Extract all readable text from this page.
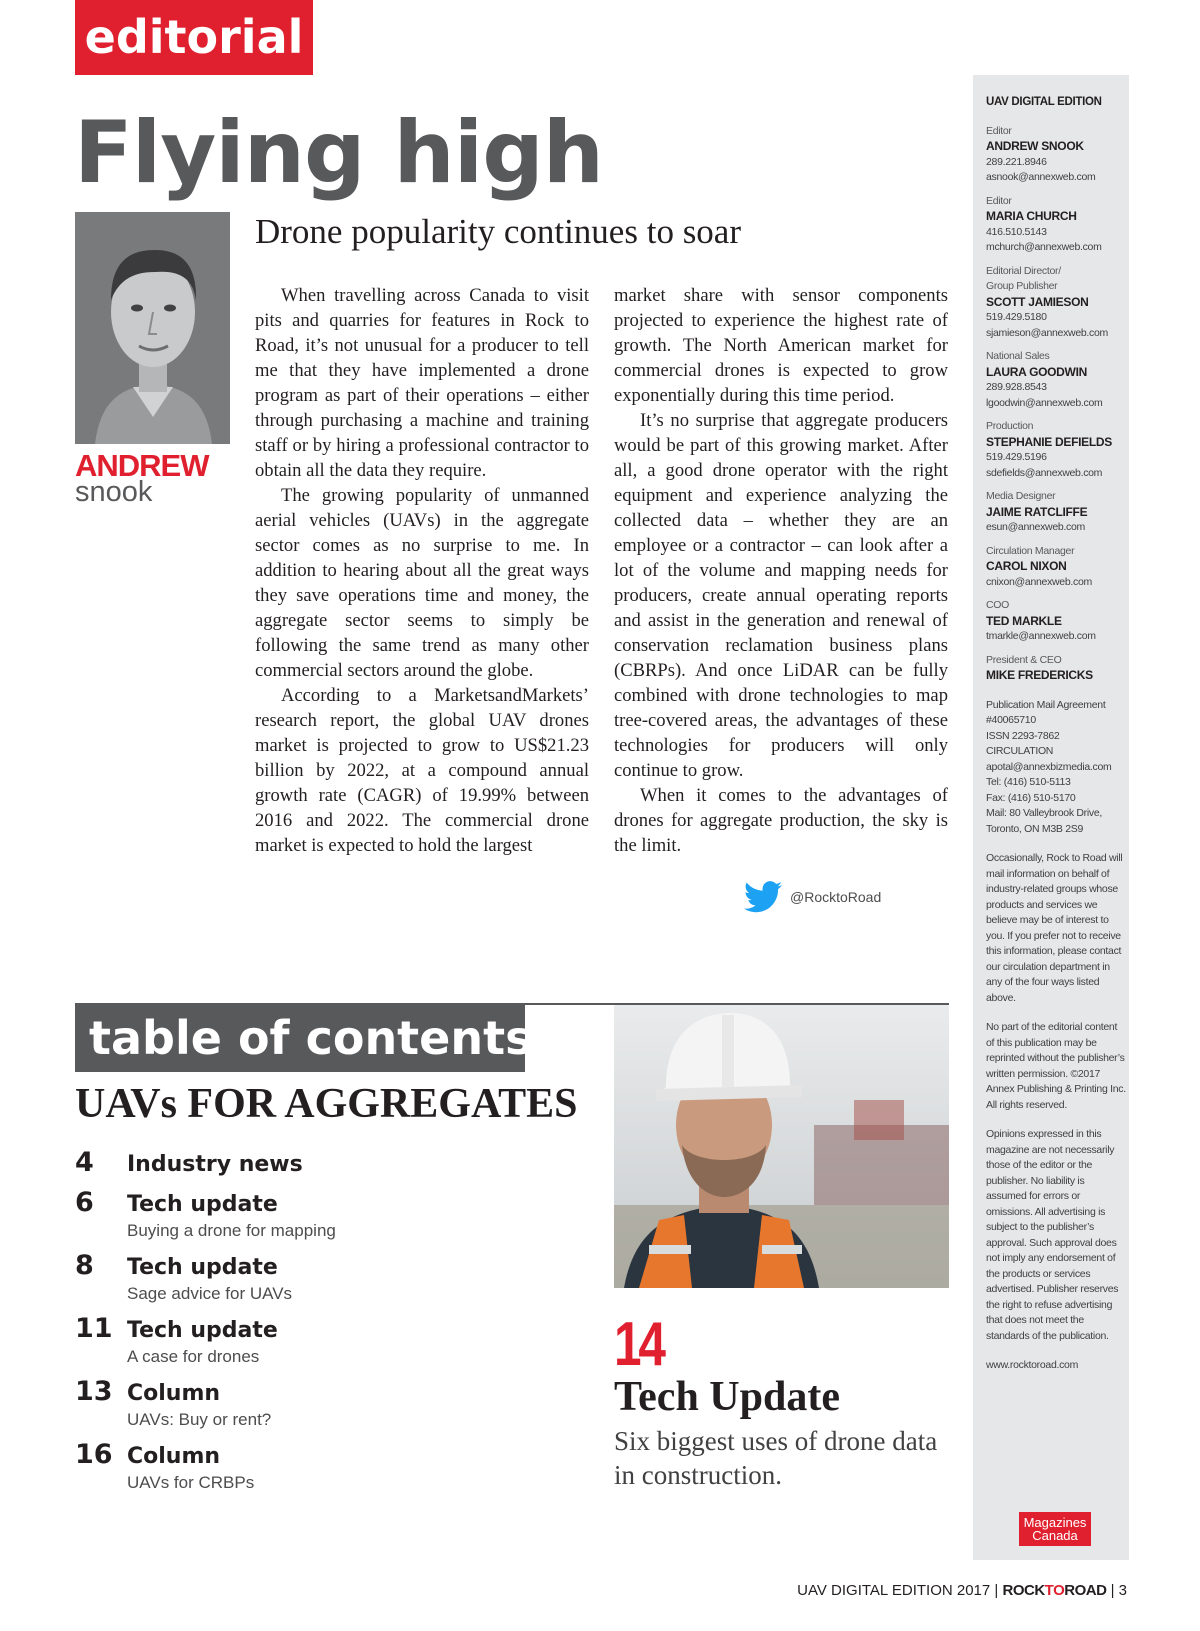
editorial
Flying high
Drone popularity continues to soar
ANDREW
snook

When travelling across Canada to visit pits and quarries for features in Rock to Road, it’s not unusual for a producer to tell me that they have implemented a drone program as part of their operations – either through purchasing a machine and training staff or by hiring a professional contractor to obtain all the data they require.

The growing popularity of unmanned aerial vehicles (UAVs) in the aggregate sector comes as no surprise to me. In addition to hearing about all the great ways they save operations time and money, the aggregate sector seems to simply be following the same trend as many other commercial sectors around the globe.

According to a MarketsandMarkets’ research report, the global UAV drones market is projected to grow to US$21.23 billion by 2022, at a compound annual growth rate (CAGR) of 19.99% between 2016 and 2022. The commercial drone market is expected to hold the largest

market share with sensor components projected to experience the highest rate of growth. The North American market for commercial drones is expected to grow exponentially during this time period.

It’s no surprise that aggregate producers would be part of this growing market. After all, a good drone operator with the right equipment and experience analyzing the collected data – whether they are an employee or a contractor – can look after a lot of the volume and mapping needs for producers, create annual operating reports and assist in the generation and renewal of conservation reclamation business plans (CBRPs). And once LiDAR can be fully combined with drone technologies to map tree-covered areas, the advantages of these technologies for producers will only continue to grow.

When it comes to the advantages of drones for aggregate production, the sky is the limit.

@RocktoRoad
UAV DIGITAL EDITION
Editor
ANDREW SNOOK
289.221.8946
asnook@annexweb.com
Editor
MARIA CHURCH
416.510.5143
mchurch@annexweb.com
Editorial Director/
Group Publisher
SCOTT JAMIESON
519.429.5180
sjamieson@annexweb.com
National Sales
LAURA GOODWIN
289.928.8543
lgoodwin@annexweb.com
Production
STEPHANIE DEFIELDS
519.429.5196
sdefields@annexweb.com
Media Designer
JAIME RATCLIFFE
esun@annexweb.com
Circulation Manager
CAROL NIXON
cnixon@annexweb.com
COO
TED MARKLE
tmarkle@annexweb.com
President & CEO
MIKE FREDERICKS
Publication Mail Agreement
#40065710
ISSN 2293-7862
CIRCULATION
apotal@annexbizmedia.com
Tel: (416) 510-5113
Fax: (416) 510-5170
Mail: 80 Valleybrook Drive,
Toronto, ON M3B 2S9
Occasionally, Rock to Road will mail information on behalf of industry-related groups whose products and services we believe may be of interest to you. If you prefer not to receive this information, please contact our circulation department in any of the four ways listed above.
No part of the editorial content of this publication may be reprinted without the publisher’s written permission. ©2017 Annex Publishing & Printing Inc. All rights reserved.
Opinions expressed in this magazine are not necessarily those of the editor or the publisher. No liability is assumed for errors or omissions. All advertising is subject to the publisher’s approval. Such approval does not imply any endorsement of the products or services advertised. Publisher reserves the right to refuse advertising that does not meet the standards of the publication.
www.rocktoroad.com
Magazines
Canada
table of contents
UAVs FOR AGGREGATES
4 Industry news
6 Tech update
Buying a drone for mapping
8 Tech update
Sage advice for UAVs
11 Tech update
A case for drones
13 Column
UAVs: Buy or rent?
16 Column
UAVs for CRBPs
14
Tech Update
Six biggest uses of drone data in construction.
UAV DIGITAL EDITION 2017 | ROCKTOROAD | 3
